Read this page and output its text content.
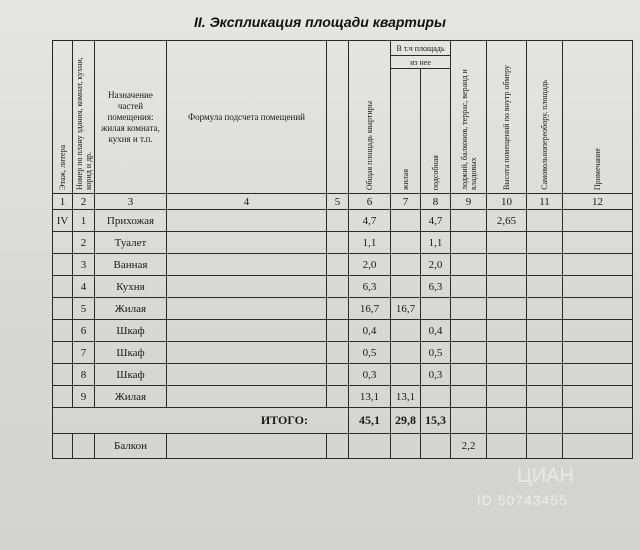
II. Экспликация площади квартиры
Этаж, литера	Номер по плану здания, комнат, кухни, корид и др.	Назначение частей помещения: жилая комната, кухня и т.п.	Формула подсчета помещений		Общая площадь квартиры	В т.ч площадь		лоджий, балконов, террас, веранд и кладовых	Высота помещений по внутр обмеру	Самовольнопереобору. площадь	Примечание
						из нее					
						жилая	подсобная				
1	2	3	4	5	6	7	8	9	10	11	12
IV	1	Прихожая			4,7		4,7		2,65		
	2	Туалет			1,1		1,1				
	3	Ванная			2,0		2,0				
	4	Кухня			6,3		6,3				
	5	Жилая			16,7	16,7					
	6	Шкаф			0,4		0,4				
	7	Шкаф			0,5		0,5				
	8	Шкаф			0,3		0,3				
	9	Жилая			13,1	13,1					
ИТОГО:					45,1	29,8	15,3				
		Балкон						2,2			
ЦИАН
ID 50743455
